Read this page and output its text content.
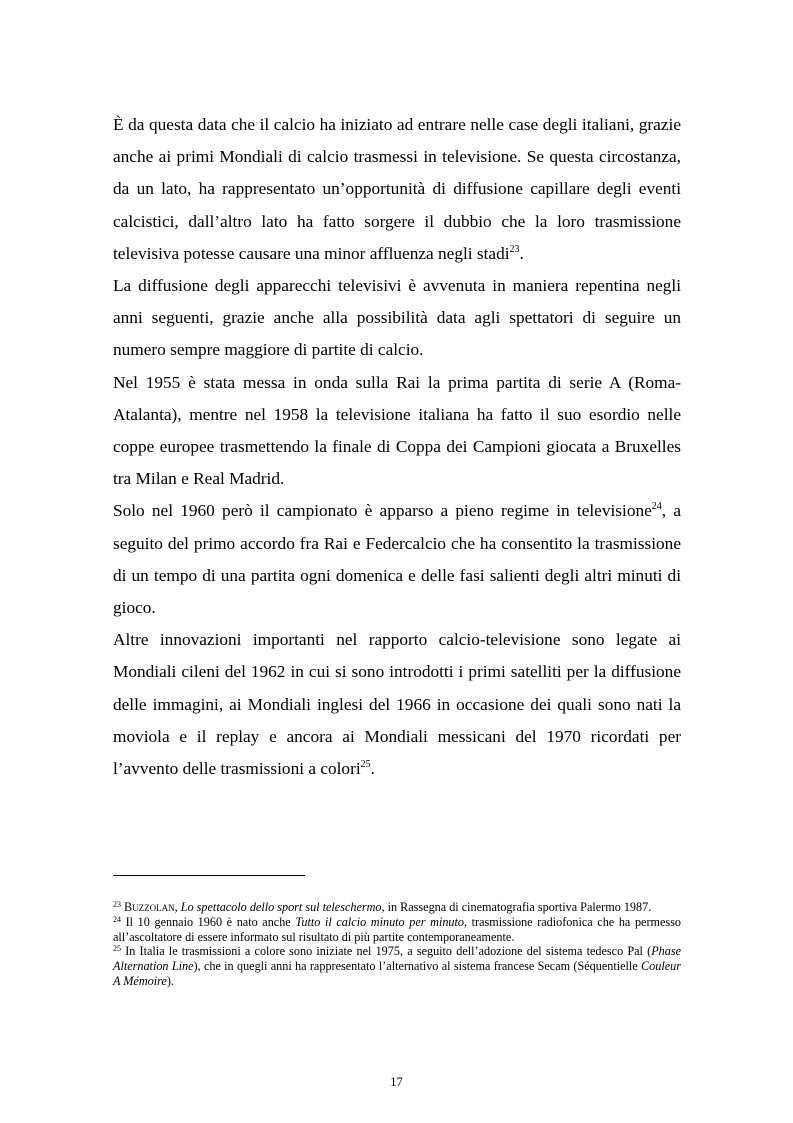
È da questa data che il calcio ha iniziato ad entrare nelle case degli italiani, grazie anche ai primi Mondiali di calcio trasmessi in televisione. Se questa circostanza, da un lato, ha rappresentato un’opportunità di diffusione capillare degli eventi calcistici, dall’altro lato ha fatto sorgere il dubbio che la loro trasmissione televisiva potesse causare una minor affluenza negli stadi$^{23}$.

La diffusione degli apparecchi televisivi è avvenuta in maniera repentina negli anni seguenti, grazie anche alla possibilità data agli spettatori di seguire un numero sempre maggiore di partite di calcio.

Nel 1955 è stata messa in onda sulla Rai la prima partita di serie A (Roma-Atalanta), mentre nel 1958 la televisione italiana ha fatto il suo esordio nelle coppe europee trasmettendo la finale di Coppa dei Campioni giocata a Bruxelles tra Milan e Real Madrid.

Solo nel 1960 però il campionato è apparso a pieno regime in televisione$^{24}$, a seguito del primo accordo fra Rai e Federcalcio che ha consentito la trasmissione di un tempo di una partita ogni domenica e delle fasi salienti degli altri minuti di gioco.

Altre innovazioni importanti nel rapporto calcio-televisione sono legate ai Mondiali cileni del 1962 in cui si sono introdotti i primi satelliti per la diffusione delle immagini, ai Mondiali inglesi del 1966 in occasione dei quali sono nati la moviola e il replay e ancora ai Mondiali messicani del 1970 ricordati per l’avvento delle trasmissioni a colori$^{25}$.

$^{23}$ Buzzolan, Lo spettacolo dello sport sul teleschermo, in Rassegna di cinematografia sportiva Palermo 1987.

$^{24}$ Il 10 gennaio 1960 è nato anche Tutto il calcio minuto per minuto, trasmissione radiofonica che ha permesso all’ascoltatore di essere informato sul risultato di più partite contemporaneamente.

$^{25}$ In Italia le trasmissioni a colore sono iniziate nel 1975, a seguito dell’adozione del sistema tedesco Pal (Phase Alternation Line), che in quegli anni ha rappresentato l’alternativo al sistema francese Secam (Séquentielle Couleur A Mémoire).

17
